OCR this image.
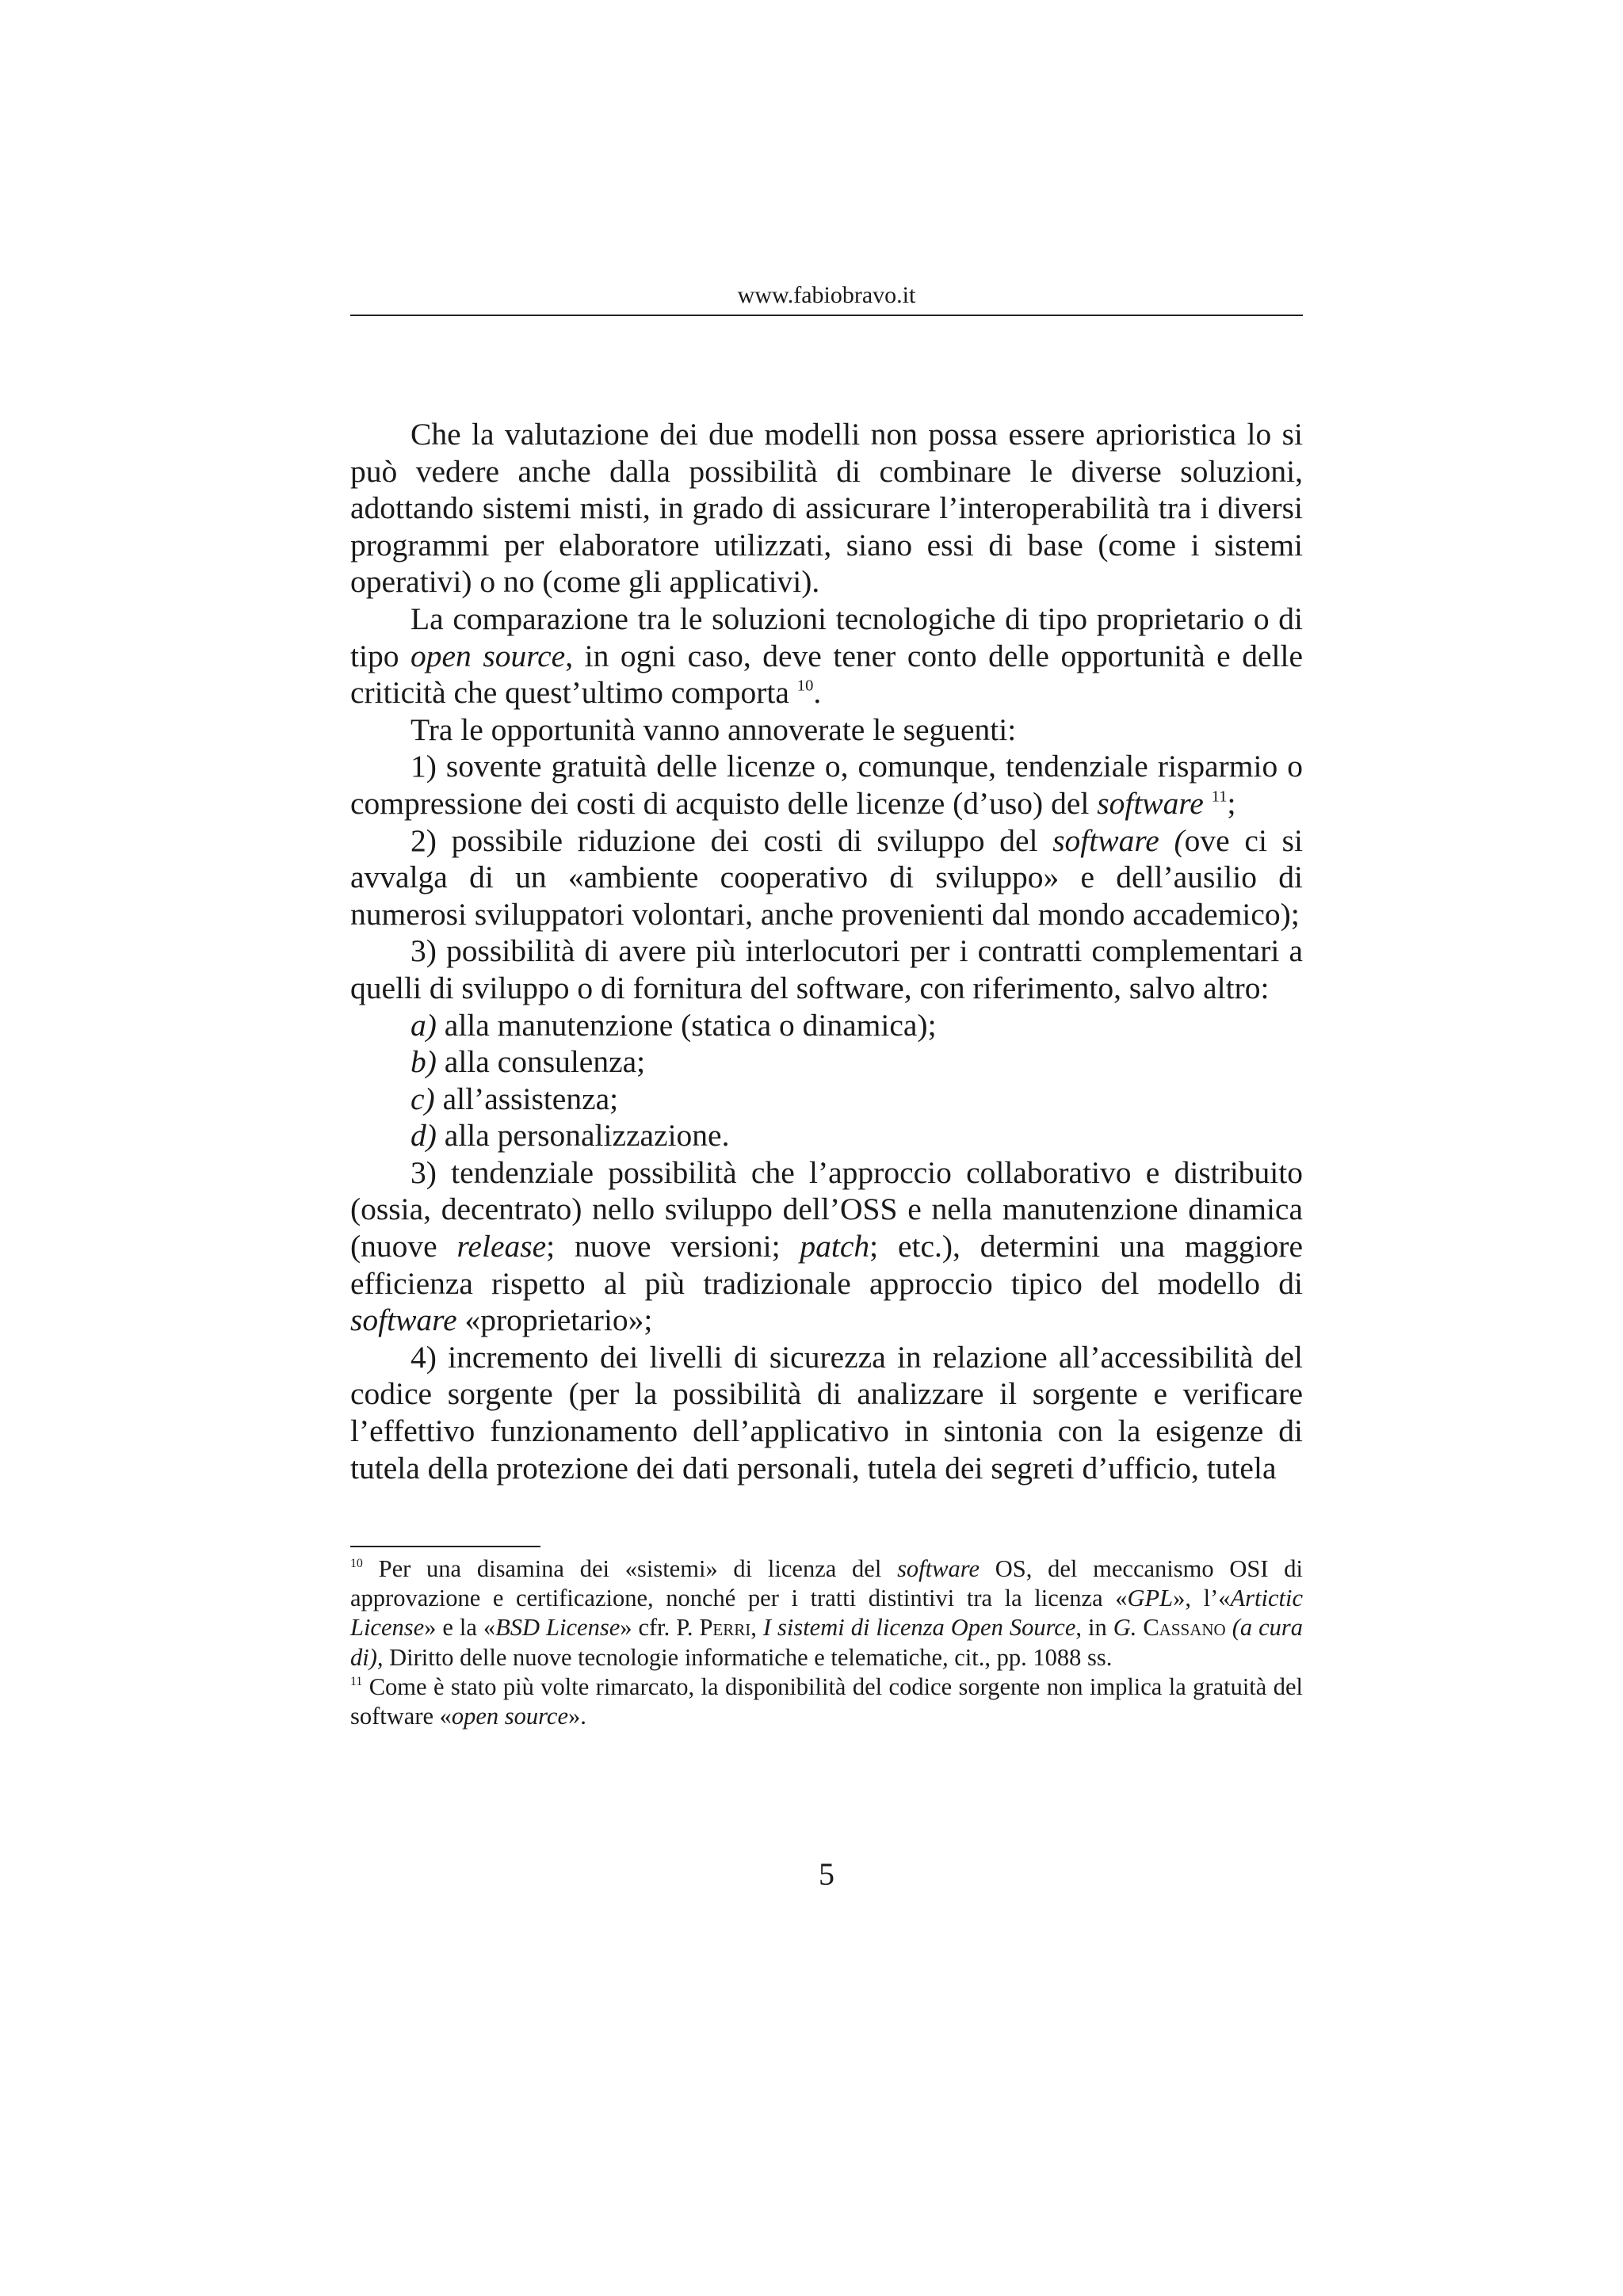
www.fabiobravo.it

Che la valutazione dei due modelli non possa essere aprioristica lo si può vedere anche dalla possibilità di combinare le diverse soluzioni, adottando sistemi misti, in grado di assicurare l’interoperabilità tra i diversi programmi per elaboratore utilizzati, siano essi di base (come i sistemi operativi) o no (come gli applicativi).

La comparazione tra le soluzioni tecnologiche di tipo proprietario o di tipo open source, in ogni caso, deve tener conto delle opportunità e delle criticità che quest’ultimo comporta $^{10}$.

Tra le opportunità vanno annoverate le seguenti:

1) sovente gratuità delle licenze o, comunque, tendenziale risparmio o compressione dei costi di acquisto delle licenze (d’uso) del software $^{11}$;

2) possibile riduzione dei costi di sviluppo del software (ove ci si avvalga di un «ambiente cooperativo di sviluppo» e dell’ausilio di numerosi sviluppatori volontari, anche provenienti dal mondo accademico);

3) possibilità di avere più interlocutori per i contratti complementari a quelli di sviluppo o di fornitura del software, con riferimento, salvo altro:

a) alla manutenzione (statica o dinamica);

b) alla consulenza;

c) all’assistenza;

d) alla personalizzazione.

3) tendenziale possibilità che l’approccio collaborativo e distribuito (ossia, decentrato) nello sviluppo dell’OSS e nella manutenzione dinamica (nuove release; nuove versioni; patch; etc.), determini una maggiore efficienza rispetto al più tradizionale approccio tipico del modello di software «proprietario»;

4) incremento dei livelli di sicurezza in relazione all’accessibilità del codice sorgente (per la possibilità di analizzare il sorgente e verificare l’effettivo funzionamento dell’applicativo in sintonia con la esigenze di tutela della protezione dei dati personali, tutela dei segreti d’ufficio, tutela

$^{10}$ Per una disamina dei «sistemi» di licenza del software OS, del meccanismo OSI di approvazione e certificazione, nonché per i tratti distintivi tra la licenza «GPL», l’«Artictic License» e la «BSD License» cfr. P. Perri, I sistemi di licenza Open Source, in G. Cassano (a cura di), Diritto delle nuove tecnologie informatiche e telematiche, cit., pp. 1088 ss.

$^{11}$ Come è stato più volte rimarcato, la disponibilità del codice sorgente non implica la gratuità del software «open source».

5
